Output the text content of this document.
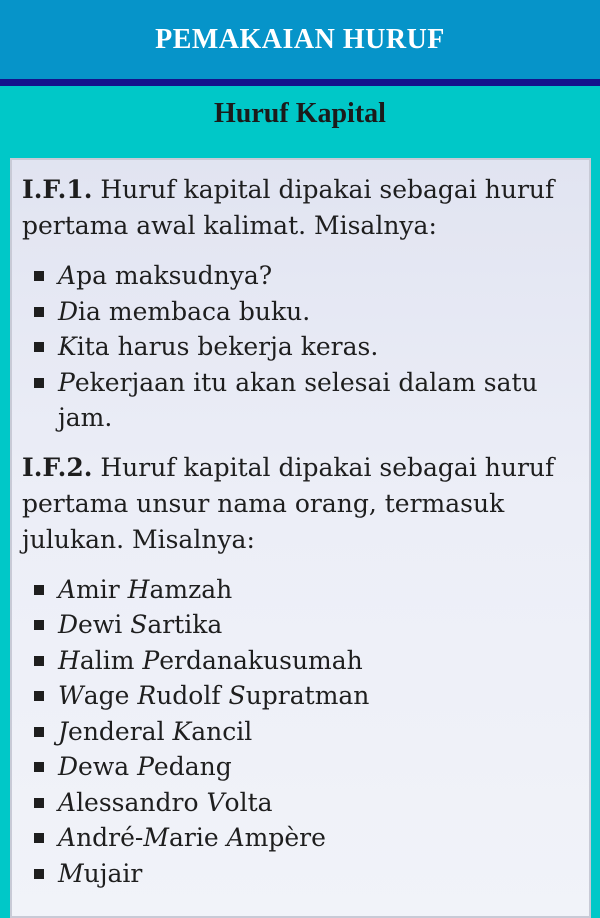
PEMAKAIAN HURUF
Huruf Kapital

I.F.1. Huruf kapital dipakai sebagai huruf pertama awal kalimat. Misalnya:

Apa maksudnya?
Dia membaca buku.
Kita harus bekerja keras.
Pekerjaan itu akan selesai dalam satu jam.

I.F.2. Huruf kapital dipakai sebagai huruf pertama unsur nama orang, termasuk julukan. Misalnya:

Amir Hamzah
Dewi Sartika
Halim Perdanakusumah
Wage Rudolf Supratman
Jenderal Kancil
Dewa Pedang
Alessandro Volta
André-Marie Ampère
Mujair
